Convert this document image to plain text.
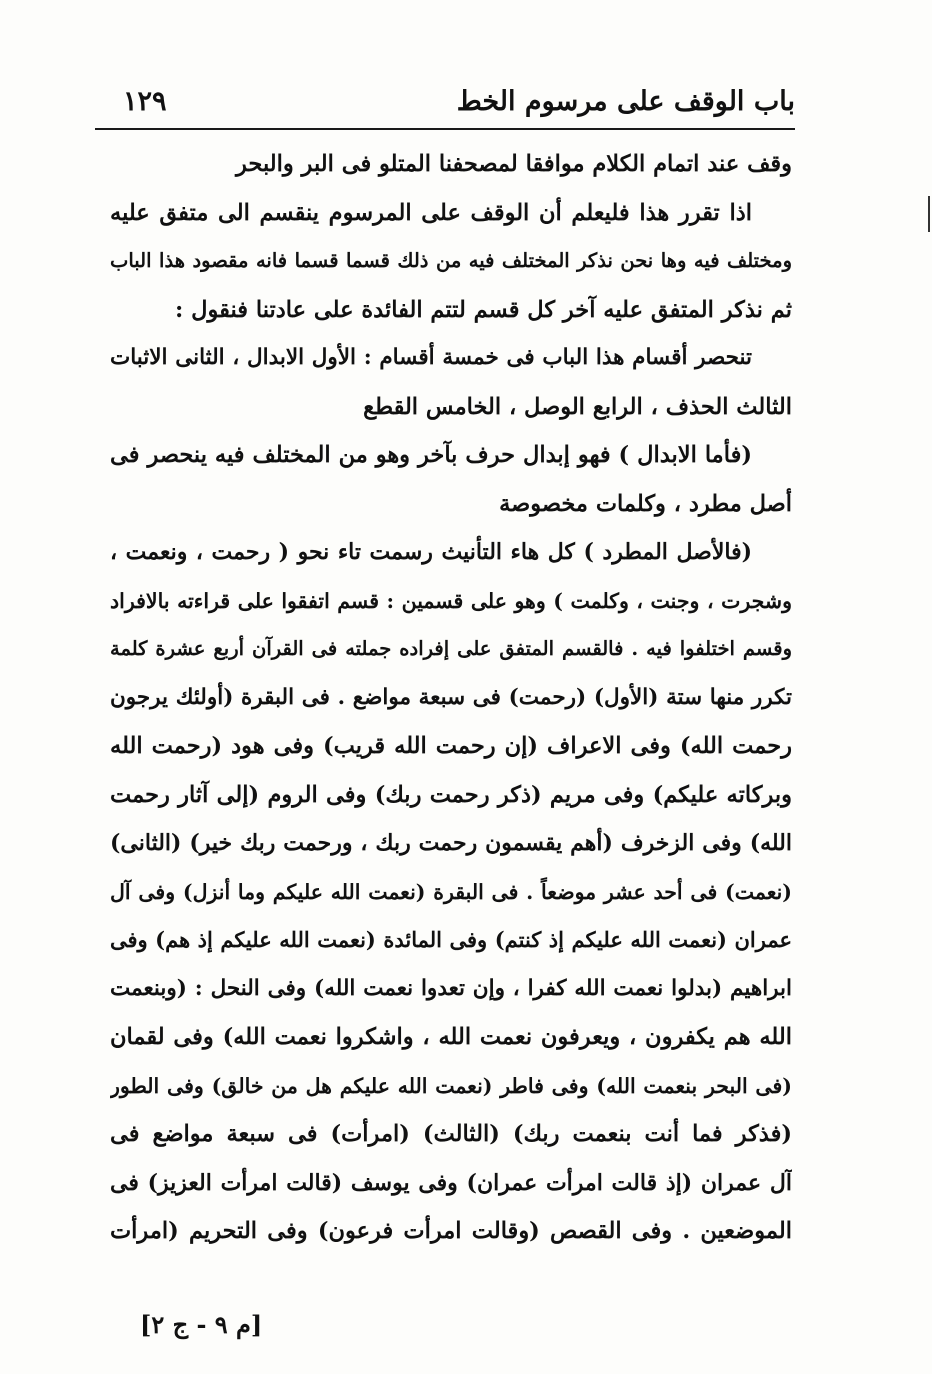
باب الوقف على مرسوم الخط
١٢٩
وقف عند اتمام الكلام موافقا لمصحفنا المتلو فى البر والبحر
اذا تقرر هذا فليعلم أن الوقف على المرسوم ينقسم الى متفق عليه
ومختلف فيه وها نحن نذكر المختلف فيه من ذلك قسما قسما فانه مقصود هذا الباب
ثم نذكر المتفق عليه آخر كل قسم لتتم الفائدة على عادتنا فنقول :
تنحصر أقسام هذا الباب فى خمسة أقسام : الأول الابدال ، الثانى الاثبات
الثالث الحذف ، الرابع الوصل ، الخامس القطع
(فأما الابدال ) فهو إبدال حرف بآخر وهو من المختلف فيه ينحصر فى
أصل مطرد ، وكلمات مخصوصة
(فالأصل المطرد ) كل هاء التأنيث رسمت تاء نحو ( رحمت ، ونعمت ،
وشجرت ، وجنت ، وكلمت ) وهو على قسمين : قسم اتفقوا على قراءته بالافراد
وقسم اختلفوا فيه . فالقسم المتفق على إفراده جملته فى القرآن أربع عشرة كلمة
تكرر منها ستة (الأول) (رحمت) فى سبعة مواضع . فى البقرة (أولئك يرجون
رحمت الله) وفى الاعراف (إن رحمت الله قريب) وفى هود (رحمت الله
وبركاته عليكم) وفى مريم (ذكر رحمت ربك) وفى الروم (إلى آثار رحمت
الله) وفى الزخرف (أهم يقسمون رحمت ربك ، ورحمت ربك خير) (الثانى)
(نعمت) فى أحد عشر موضعاً . فى البقرة (نعمت الله عليكم وما أنزل) وفى آل
عمران (نعمت الله عليكم إذ كنتم) وفى المائدة (نعمت الله عليكم إذ هم) وفى
ابراهيم (بدلوا نعمت الله كفرا ، وإن تعدوا نعمت الله) وفى النحل : (وبنعمت
الله هم يكفرون ، ويعرفون نعمت الله ، واشكروا نعمت الله) وفى لقمان
(فى البحر بنعمت الله) وفى فاطر (نعمت الله عليكم هل من خالق) وفى الطور
(فذكر فما أنت بنعمت ربك) (الثالث) (امرأت) فى سبعة مواضع فى
آل عمران (إذ قالت امرأت عمران) وفى يوسف (قالت امرأت العزيز) فى
الموضعين . وفى القصص (وقالت امرأت فرعون) وفى التحريم (امرأت
[م ٩ - ج ٢]
